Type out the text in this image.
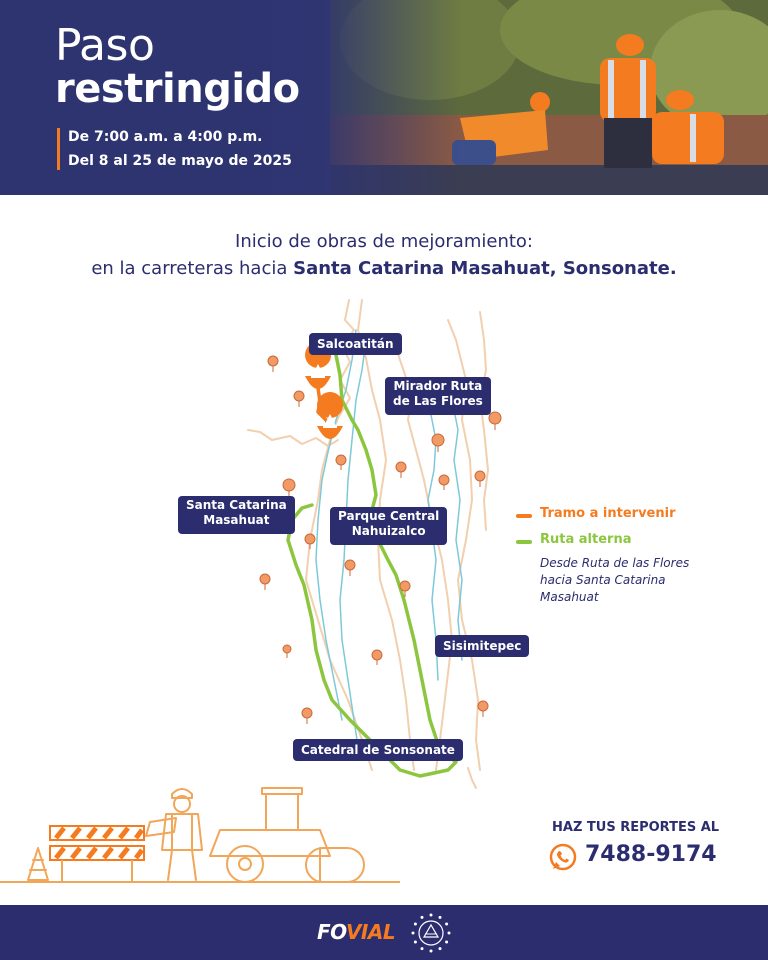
Paso
restringido

De 7:00 a.m. a 4:00 p.m.

Del 8 al 25 de mayo de 2025

Inicio de obras de mejoramiento:
en la carreteras hacia Santa Catarina Masahuat, Sonsonate.

Salcoatitán
Mirador Ruta
de Las Flores
Santa Catarina
Masahuat	Parque Central
Nahuizalco
Sisimitepec
Catedral de Sonsonate
Tramo a intervenir
Ruta alterna
Desde Ruta de las Flores hacia Santa Catarina Masahuat

HAZ TUS REPORTES AL

7488-9174

FOVIAL
